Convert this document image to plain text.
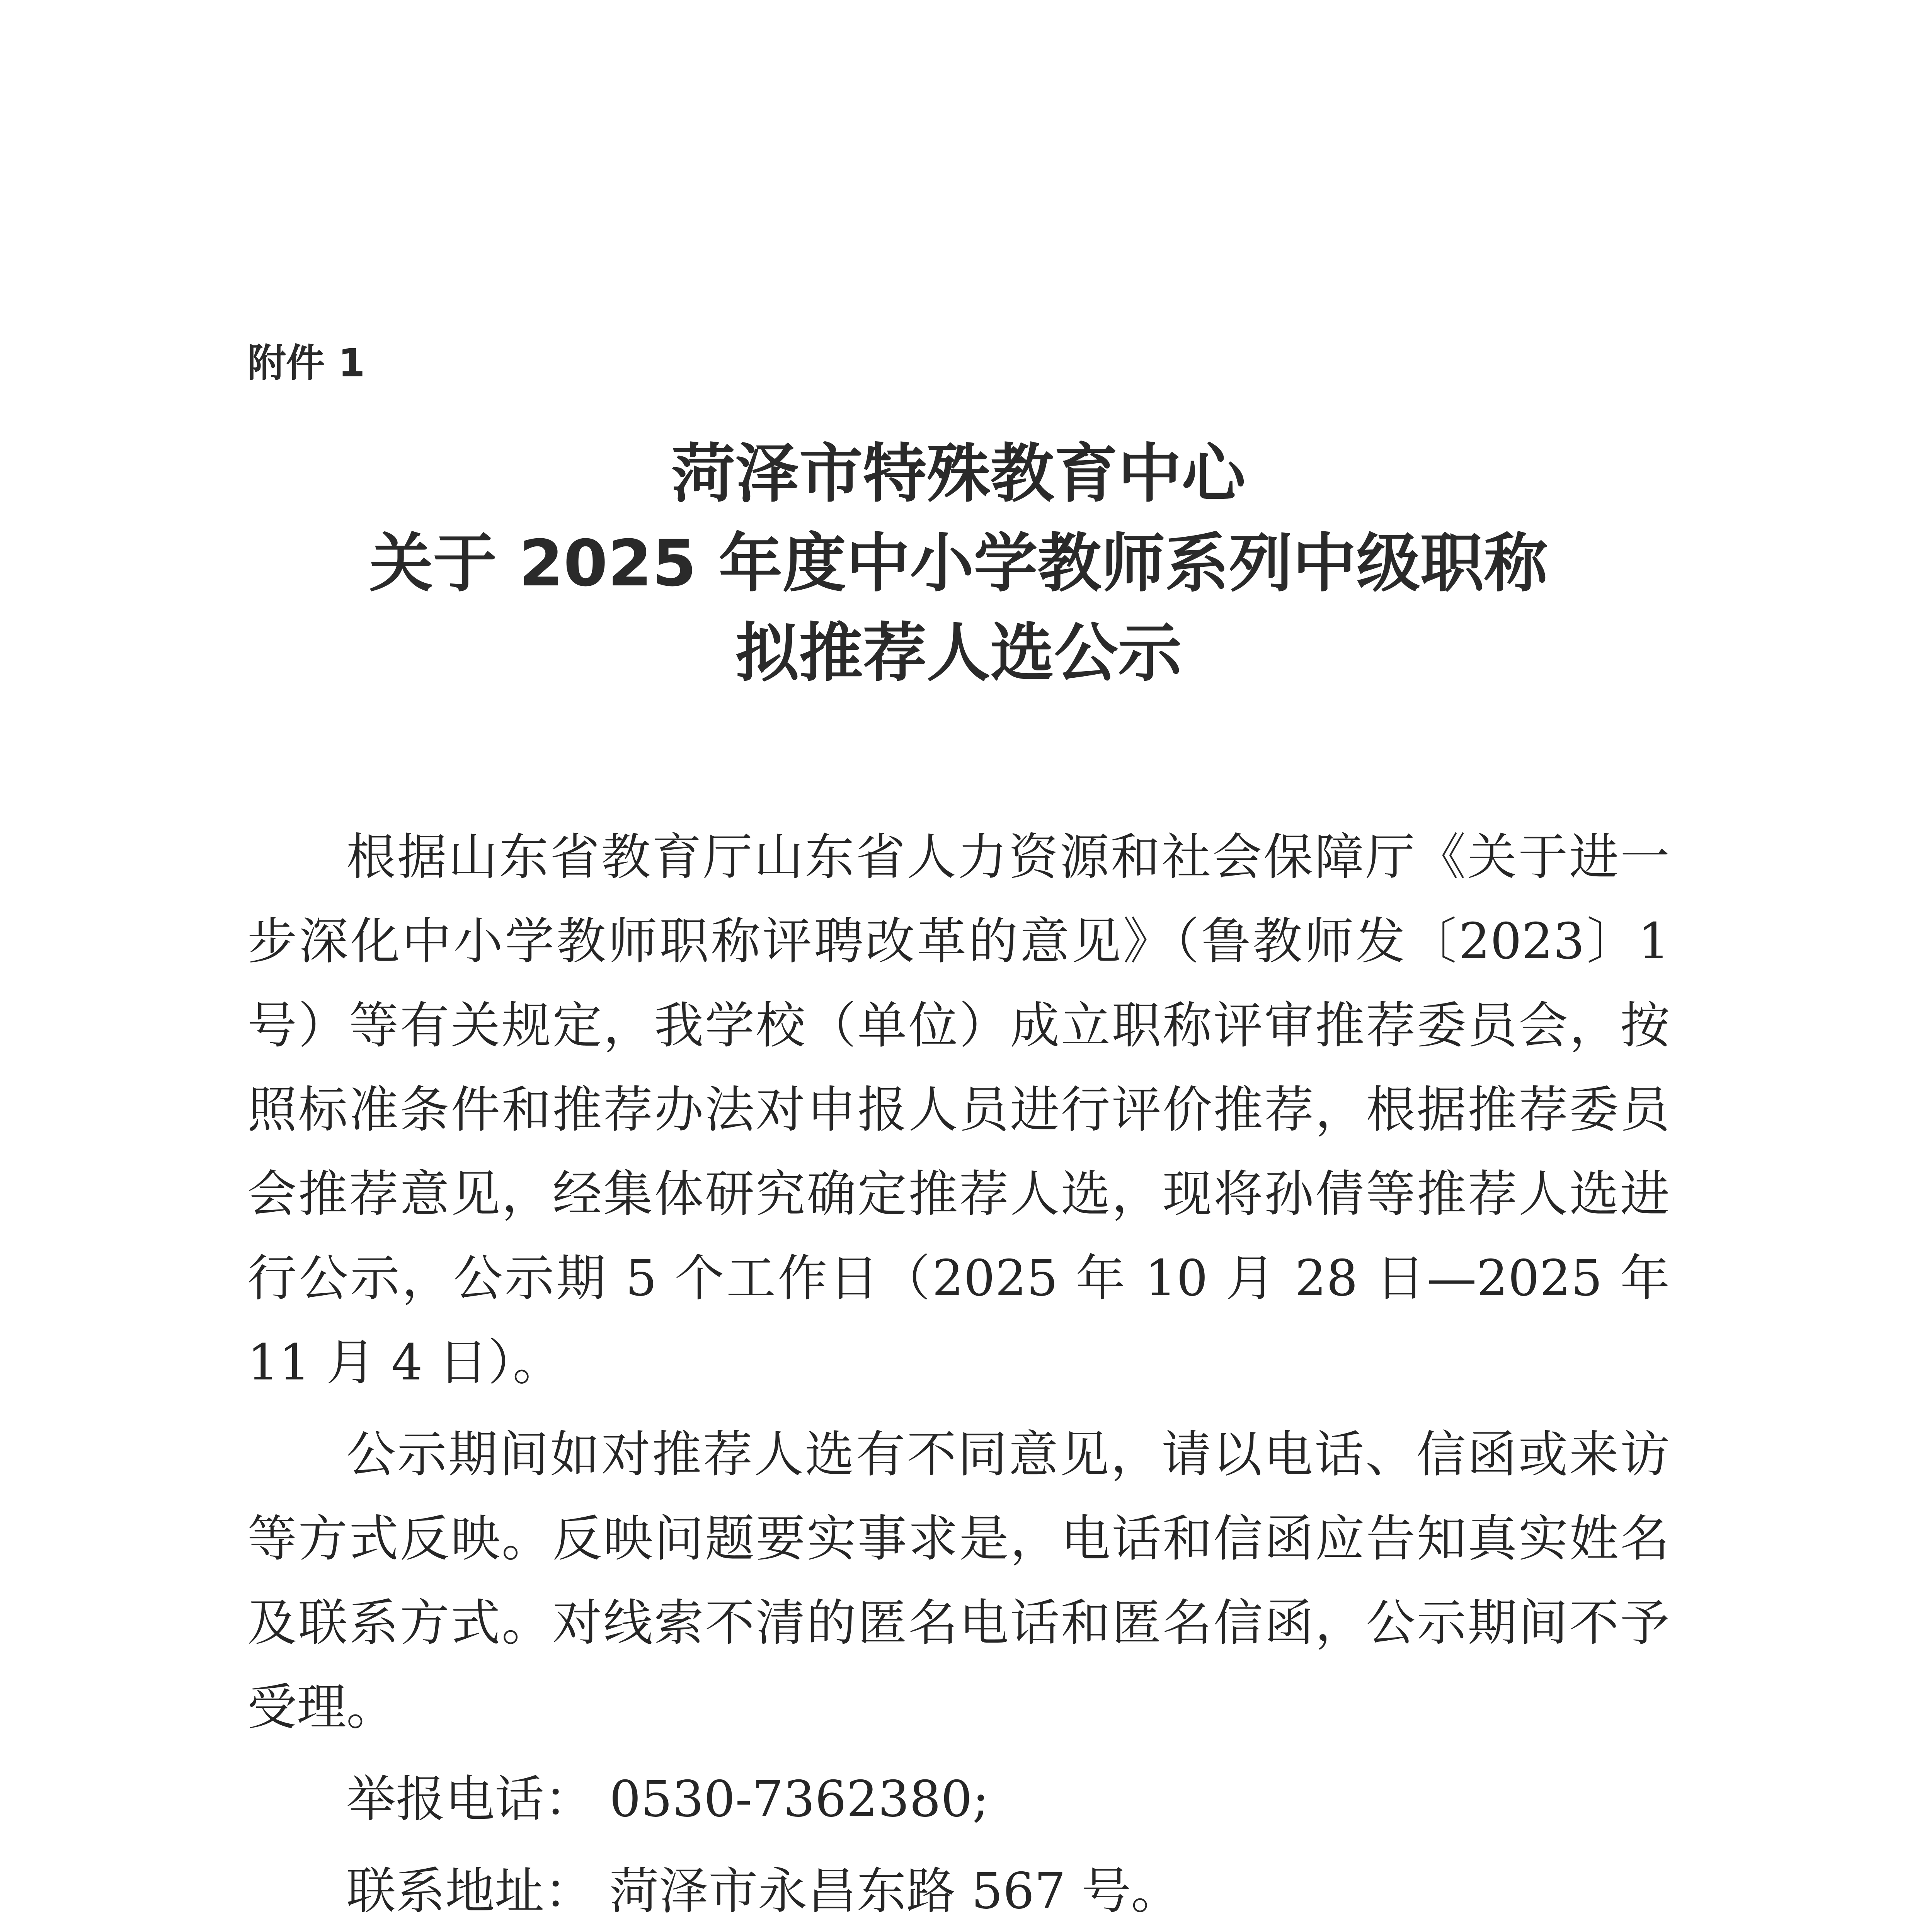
附件 1
菏泽市特殊教育中心
关于 2025 年度中小学教师系列中级职称
拟推荐人选公示

根据山东省教育厅山东省人力资源和社会保障厅《关于进一步深化中小学教师职称评聘改革的意见》（鲁教师发〔2023〕1号）等有关规定，我学校（单位）成立职称评审推荐委员会，按照标准条件和推荐办法对申报人员进行评价推荐，根据推荐委员会推荐意见，经集体研究确定推荐人选，现将孙倩等推荐人选进行公示，公示期 5 个工作日（2025 年 10 月 28 日—2025 年 11 月 4 日）。

公示期间如对推荐人选有不同意见，请以电话、信函或来访等方式反映。反映问题要实事求是，电话和信函应告知真实姓名及联系方式。对线索不清的匿名电话和匿名信函，公示期间不予受理。

举报电话： 0530-7362380;

联系地址： 菏泽市永昌东路 567 号。
